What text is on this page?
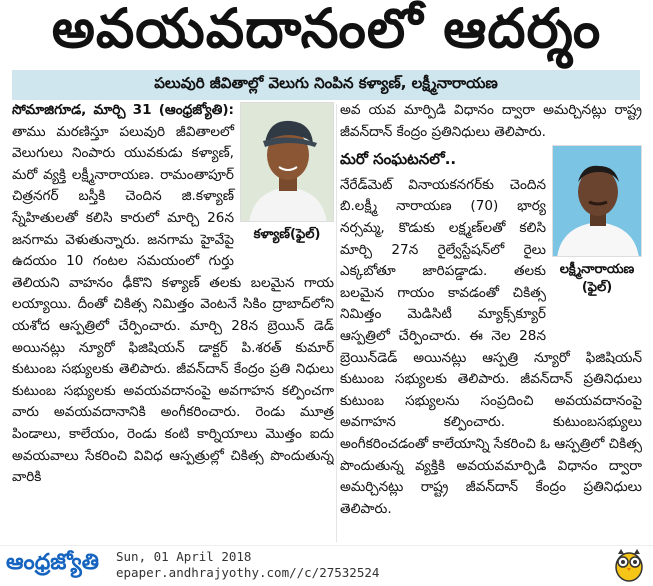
అవయవదానంలో ఆదర్శం
పలువురి జీవితాల్లో వెలుగు నింపిన కళ్యాణ్‌, లక్ష్మీనారాయణ
కళ్యాణ్‌(ఫైల్‌)
సోమాజిగూడ, మార్చి 31 (ఆంధ్రజ్యోతి): తాము మరణిస్తూ పలువురి జీవితాలలో వెలుగులు నింపారు యువకుడు కళ్యాణ్‌, మరో వ్యక్తి లక్ష్మీనారాయణ. రామంతాపూర్‌ చిత్రనగర్‌ బస్తీకి చెందిన జి.కళ్యాణ్‌ స్నేహితులతో కలిసి కారులో మార్చి 26న జనగామ వెళుతున్నారు. జనగామ హైవేపై ఉదయం 10 గంటల సమయంలో గుర్తు తెలియని వాహనం ఢీకొని కళ్యాణ్‌ తలకు బలమైన గాయ లయ్యాయి. దీంతో చికిత్స నిమిత్తం వెంటనే సికిం ద్రాబాద్‌లోని యశోద ఆస్పత్రిలో చేర్పించారు. మార్చి 28న బ్రెయిన్‌ డెడ్‌ అయినట్లు న్యూరో ఫిజిషియన్‌ డాక్టర్‌ పి.శరత్‌ కుమార్‌ కుటుంబ సభ్యులకు తెలిపారు. జీవన్‌దాన్‌ కేంద్రం ప్రతి నిధులు కుటుంబ సభ్యులకు అవయవదానంపై అవగాహన కల్పించగా వారు అవయవదానానికి అంగీకరించారు. రెండు మూత్ర పిండాలు, కాలేయం, రెండు కంటి కార్నియాలు మొత్తం ఐదు అవయవాలు సేకరించి వివిధ ఆస్పత్రుల్లో చికిత్స పొందుతున్న వారికి
అవ యవ మార్పిడి విధానం ద్వారా అమర్చినట్లు రాష్ట్ర జీవన్‌దాన్‌ కేంద్రం ప్రతినిధులు తెలిపారు.
లక్ష్మీనారాయణ (ఫైల్‌)
మరో సంఘటనలో..
నేరేడ్‌మెట్‌ వినాయకనగర్‌కు చెందిన బి.లక్ష్మీ నారాయణ (70) భార్య నర్సమ్మ, కొడుకు లక్ష్మణ్‌లతో కలిసి మార్చి 27న రైల్వేస్టేషన్‌లో రైలు ఎక్కబోతూ జారిపడ్డాడు. తలకు బలమైన గాయం కావడంతో చికిత్స నిమిత్తం మెడిసిటీ మ్యాక్స్‌క్యూర్‌ ఆస్పత్రిలో చేర్పించారు. ఈ నెల 28న బ్రెయిన్‌డెడ్‌ అయినట్లు ఆస్పత్రి న్యూరో ఫిజిషియన్‌ కుటుంబ సభ్యులకు తెలిపారు. జీవన్‌దాన్‌ ప్రతినిధులు కుటుంబ సభ్యులను సంప్రదించి అవయవదానంపై అవగాహన కల్పించారు. కుటుంబసభ్యులు అంగీకరించడంతో కాలేయాన్ని సేకరించి ఓ ఆస్పత్రిలో చికిత్స పొందుతున్న వ్యక్తికి అవయవమార్పిడి విధానం ద్వారా అమర్చినట్లు రాష్ట్ర జీవన్‌దాన్‌ కేంద్రం ప్రతినిధులు తెలిపారు.
ఆంధ్రజ్యోతి Sun, 01 April 2018
epaper.andhrajyothy.com//c/27532524
